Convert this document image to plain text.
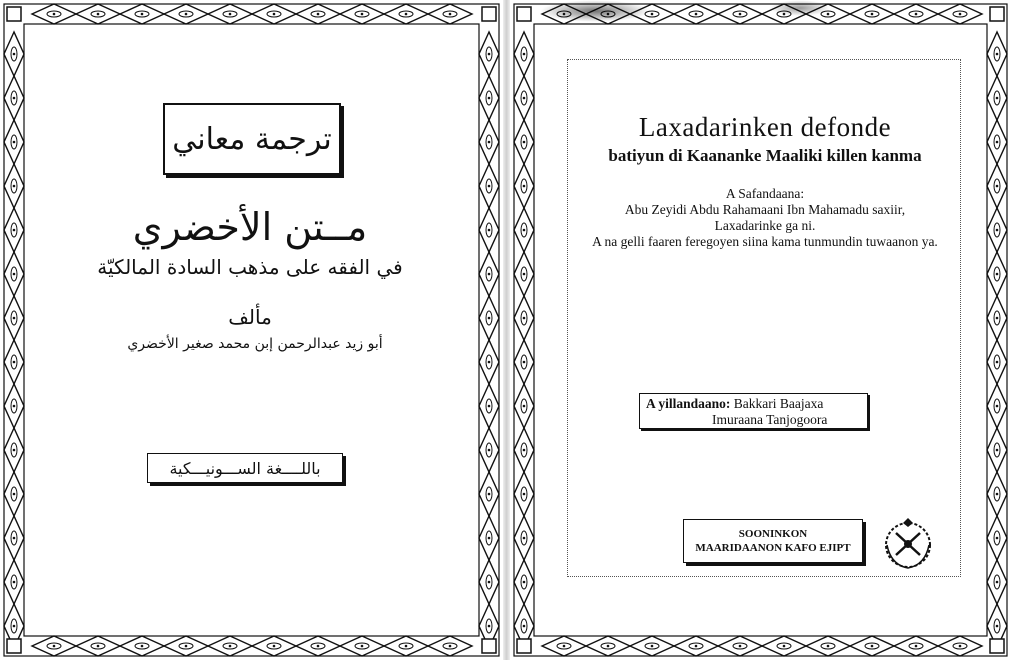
ترجمة معاني
مــتن الأخضري
في الفقه على مذهب السادة المالكيّة
مألف
أبو زيد عبدالرحمن إبن محمد صغير الأخضري
باللــــغة الســـونيـــكية
Laxadarinken defonde
batiyun di Kaananke Maaliki killen kanma
A Safandaana:
Abu Zeyidi Abdu Rahamaani Ibn Mahamadu saxiir,
Laxadarinke ga ni.
A na gelli faaren feregoyen siina kama tunmundin tuwaanon ya.
A yillandaano: Bakkari Baajaxa
Imuraana Tanjogoora
SOONINKON
MAARIDAANON KAFO EJIPT
